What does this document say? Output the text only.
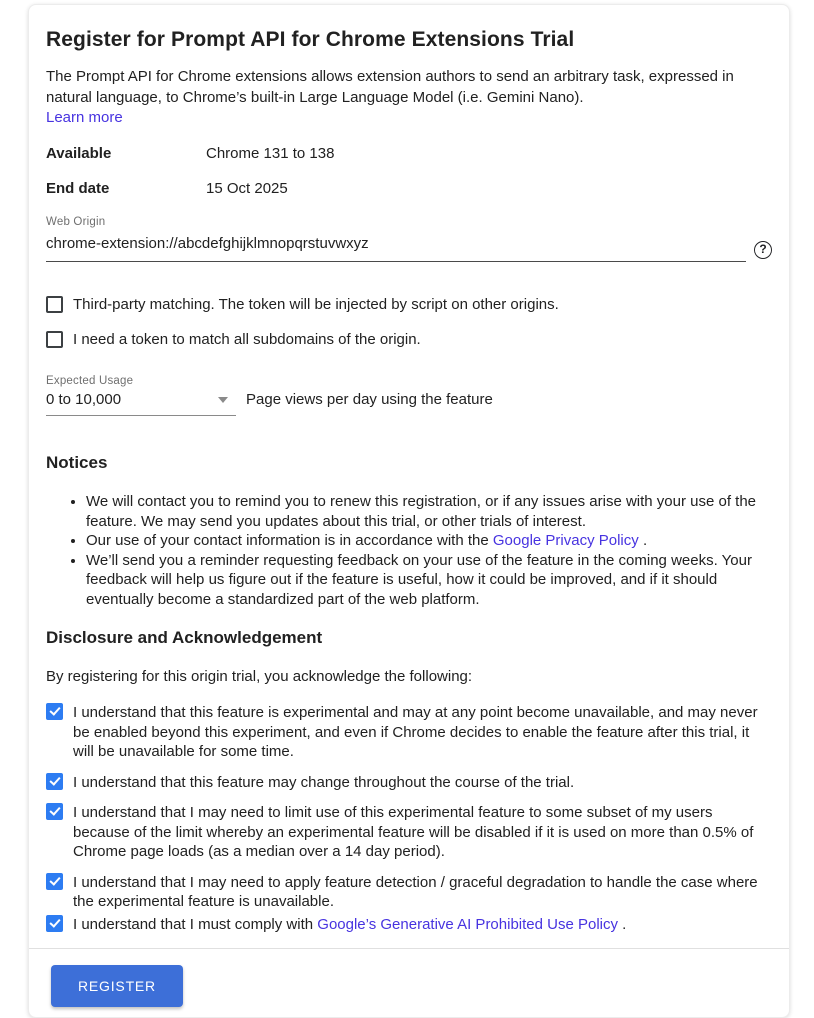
Register for Prompt API for Chrome Extensions Trial

The Prompt API for Chrome extensions allows extension authors to send an arbitrary task, expressed in natural language, to Chrome’s built-in Large Language Model (i.e. Gemini Nano).

Learn more
Available	Chrome 131 to 138
End date	15 Oct 2025
Web Origin
chrome-extension://abcdefghijklmnopqrstuvwxyz	?
Third-party matching. The token will be injected by script on other origins.
I need a token to match all subdomains of the origin.
Expected Usage
0 to 10,000	Page views per day using the feature
Notices
• We will contact you to remind you to renew this registration, or if any issues arise with your use of the feature. We may send you updates about this trial, or other trials of interest.
• Our use of your contact information is in accordance with the Google Privacy Policy .
• We’ll send you a reminder requesting feedback on your use of the feature in the coming weeks. Your feedback will help us figure out if the feature is useful, how it could be improved, and if it should eventually become a standardized part of the web platform.
Disclosure and Acknowledgement

By registering for this origin trial, you acknowledge the following:

I understand that this feature is experimental and may at any point become unavailable, and may never be enabled beyond this experiment, and even if Chrome decides to enable the feature after this trial, it will be unavailable for some time.
I understand that this feature may change throughout the course of the trial.
I understand that I may need to limit use of this experimental feature to some subset of my users because of the limit whereby an experimental feature will be disabled if it is used on more than 0.5% of Chrome page loads (as a median over a 14 day period).
I understand that I may need to apply feature detection / graceful degradation to handle the case where the experimental feature is unavailable.
I understand that I must comply with Google’s Generative AI Prohibited Use Policy .
REGISTER
